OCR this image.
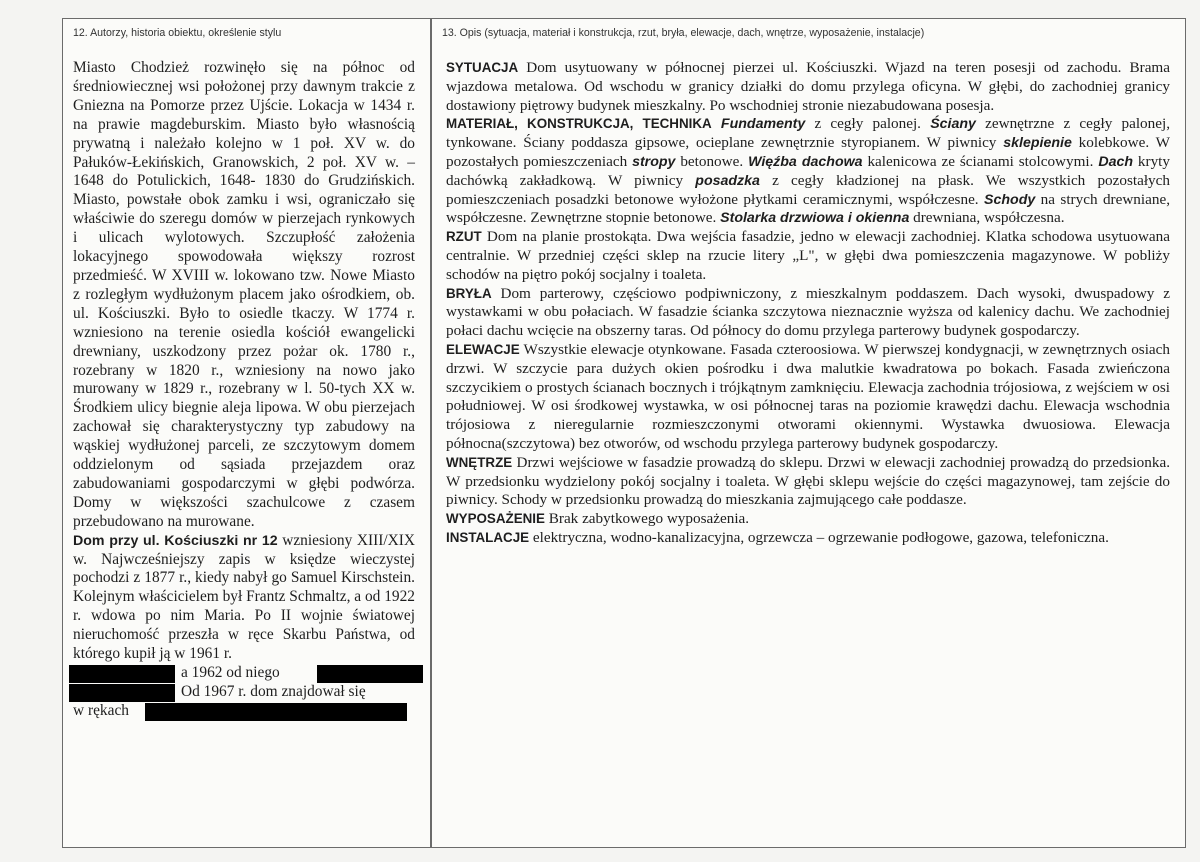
12. Autorzy, historia obiektu, określenie stylu

Miasto Chodzież rozwinęło się na północ od średniowiecznej wsi położonej przy dawnym trakcie z Gniezna na Pomorze przez Ujście. Lokacja w 1434 r. na prawie magdeburskim. Miasto było własnością prywatną i należało kolejno w 1 poł. XV w. do Pałuków-Łekińskich, Granowskich, 2 poł. XV w. – 1648 do Potulickich, 1648- 1830 do Grudzińskich. Miasto, powstałe obok zamku i wsi, ograniczało się właściwie do szeregu domów w pierzejach rynkowych i ulicach wylotowych. Szczupłość założenia lokacyjnego spowodowała większy rozrost przedmieść. W XVIII w. lokowano tzw. Nowe Miasto z rozległym wydłużonym placem jako ośrodkiem, ob. ul. Kościuszki. Było to osiedle tkaczy. W 1774 r. wzniesiono na terenie osiedla kościół ewangelicki drewniany, uszkodzony przez pożar ok. 1780 r., rozebrany w 1820 r., wzniesiony na nowo jako murowany w 1829 r., rozebrany w l. 50-tych XX w. Środkiem ulicy biegnie aleja lipowa. W obu pierzejach zachował się charakterystyczny typ zabudowy na wąskiej wydłużonej parceli, ze szczytowym domem oddzielonym od sąsiada przejazdem oraz zabudowaniami gospodarczymi w głębi podwórza. Domy w większości szachulcowe z czasem przebudowano na murowane.

Dom przy ul. Kościuszki nr 12 wzniesiony XIII/XIX w. Najwcześniejszy zapis w księdze wieczystej pochodzi z 1877 r., kiedy nabył go Samuel Kirschstein. Kolejnym właścicielem był Frantz Schmaltz, a od 1922 r. wdowa po nim Maria. Po II wojnie światowej nieruchomość przeszła w ręce Skarbu Państwa, od którego kupił ją w 1961 r.

a 1962 od niego
Od 1967 r. dom znajdował się
w rękach
13. Opis (sytuacja, materiał i konstrukcja, rzut, bryła, elewacje, dach, wnętrze, wyposażenie, instalacje)

SYTUACJA Dom usytuowany w północnej pierzei ul. Kościuszki. Wjazd na teren posesji od zachodu. Brama wjazdowa metalowa. Od wschodu w granicy działki do domu przylega oficyna. W głębi, do zachodniej granicy dostawiony piętrowy budynek mieszkalny. Po wschodniej stronie niezabudowana posesja.

MATERIAŁ, KONSTRUKCJA, TECHNIKA Fundamenty z cegły palonej. Ściany zewnętrzne z cegły palonej, tynkowane. Ściany poddasza gipsowe, ocieplane zewnętrznie styropianem. W piwnicy sklepienie kolebkowe. W pozostałych pomieszczeniach stropy betonowe. Więźba dachowa kalenicowa ze ścianami stolcowymi. Dach kryty dachówką zakładkową. W piwnicy posadzka z cegły kładzionej na płask. We wszystkich pozostałych pomieszczeniach posadzki betonowe wyłożone płytkami ceramicznymi, współczesne. Schody na strych drewniane, współczesne. Zewnętrzne stopnie betonowe. Stolarka drzwiowa i okienna drewniana, współczesna.

RZUT Dom na planie prostokąta. Dwa wejścia fasadzie, jedno w elewacji zachodniej. Klatka schodowa usytuowana centralnie. W przedniej części sklep na rzucie litery „L", w głębi dwa pomieszczenia magazynowe. W pobliży schodów na piętro pokój socjalny i toaleta.

BRYŁA Dom parterowy, częściowo podpiwniczony, z mieszkalnym poddaszem. Dach wysoki, dwuspadowy z wystawkami w obu połaciach. W fasadzie ścianka szczytowa nieznacznie wyższa od kalenicy dachu. We zachodniej połaci dachu wcięcie na obszerny taras. Od północy do domu przylega parterowy budynek gospodarczy.

ELEWACJE Wszystkie elewacje otynkowane. Fasada czteroosiowa. W pierwszej kondygnacji, w zewnętrznych osiach drzwi. W szczycie para dużych okien pośrodku i dwa malutkie kwadratowa po bokach. Fasada zwieńczona szczycikiem o prostych ścianach bocznych i trójkątnym zamknięciu. Elewacja zachodnia trójosiowa, z wejściem w osi południowej. W osi środkowej wystawka, w osi północnej taras na poziomie krawędzi dachu. Elewacja wschodnia trójosiowa z nieregularnie rozmieszczonymi otworami okiennymi. Wystawka dwuosiowa. Elewacja północna(szczytowa) bez otworów, od wschodu przylega parterowy budynek gospodarczy.

WNĘTRZE Drzwi wejściowe w fasadzie prowadzą do sklepu. Drzwi w elewacji zachodniej prowadzą do przedsionka. W przedsionku wydzielony pokój socjalny i toaleta. W głębi sklepu wejście do części magazynowej, tam zejście do piwnicy. Schody w przedsionku prowadzą do mieszkania zajmującego całe poddasze.

WYPOSAŻENIE Brak zabytkowego wyposażenia.

INSTALACJE elektryczna, wodno-kanalizacyjna, ogrzewcza – ogrzewanie podłogowe, gazowa, telefoniczna.
